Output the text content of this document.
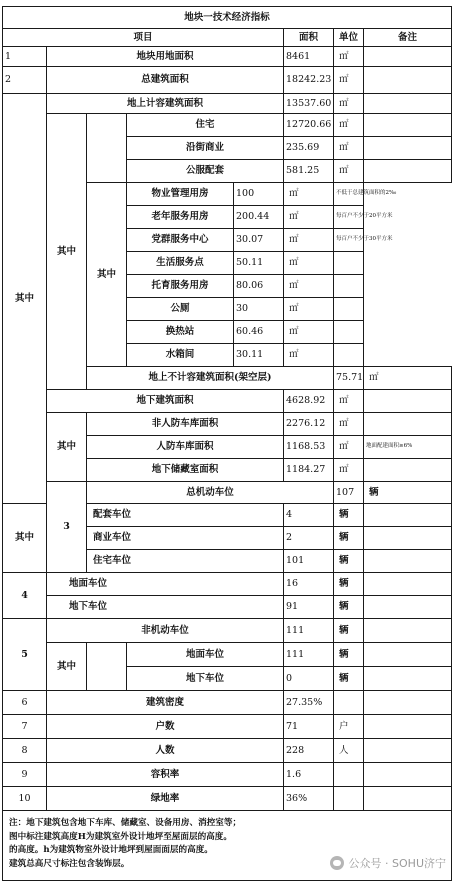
地块一技术经济指标								
项目					面积	单位	备注	
1	地块用地面积				8461	㎡		
2	总建筑面积				18242.23	㎡		
其中	地上计容建筑面积				13537.60	㎡		
	其中		住宅		12720.66	㎡		
			沿街商业		235.69	㎡		
			公服配套		581.25	㎡		
		其中	物业管理用房	100	㎡	不低于总建筑面积的2‰		
			老年服务用房	200.44	㎡	每百户不少于20平方米		
			党群服务中心	30.07	㎡	每百户不少于30平方米		
			生活服务点	50.11	㎡			
			托育服务用房	80.06	㎡			
			公厕	30	㎡			
			换热站	60.46	㎡			
			水箱间	30.11	㎡			
		地上不计容建筑面积(架空层)				75.71	㎡	
	地下建筑面积				4628.92	㎡		
	其中	非人防车库面积			2276.12	㎡		
		人防车库面积			1168.53	㎡	地面配建面积≥6%	
		地下储藏室面积			1184.27	㎡		
	3	总机动车位				107	辆	
其中		配套车位			4	辆		
		商业车位			2	辆		
		住宅车位			101	辆		
4	地面车位				16	辆		
	地下车位				91	辆		
5	非机动车位				111	辆		
	其中		地面车位		111	辆		
			地下车位		0	辆		
6	建筑密度				27.35%			
7	户数				71	户		
8	人数				228	人		
9	容积率				1.6			
10	绿地率				36%			

注：地下建筑包含地下车库、储藏室、设备用房、消控室等；
图中标注建筑高度H为建筑室外设计地坪至屋面层的高度。
的高度。h为建筑物室外设计地坪到屋面面层的高度。
建筑总高尺寸标注包含装饰层。									公众号 · SOHU济宁
